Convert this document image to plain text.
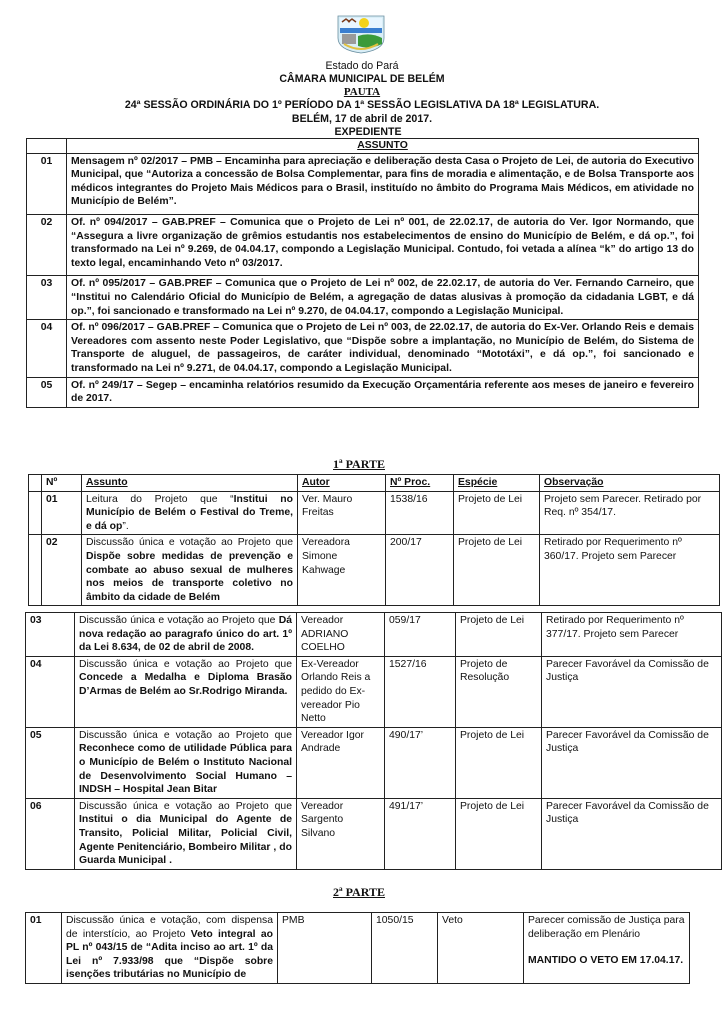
Estado do Pará
CÂMARA MUNICIPAL DE BELÉM
PAUTA
24ª SESSÃO ORDINÁRIA DO 1º PERÍODO DA 1ª SESSÃO LEGISLATIVA DA 18ª LEGISLATURA.
BELÉM, 17 de abril de 2017.
EXPEDIENTE
	ASSUNTO
01	Mensagem nº 02/2017 – PMB – Encaminha para apreciação e deliberação desta Casa o Projeto de Lei, de autoria do Executivo Municipal, que “Autoriza a concessão de Bolsa Complementar, para fins de moradia e alimentação, e de Bolsa Transporte aos médicos integrantes do Projeto Mais Médicos para o Brasil, instituído no âmbito do Programa Mais Médicos, em atividade no Município de Belém”.
02	Of. nº 094/2017 – GAB.PREF – Comunica que o Projeto de Lei nº 001, de 22.02.17, de autoria do Ver. Igor Normando, que “Assegura a livre organização de grêmios estudantis nos estabelecimentos de ensino do Município de Belém, e dá op.”, foi transformado na Lei nº 9.269, de 04.04.17, compondo a Legislação Municipal. Contudo, foi vetada a alínea “k” do artigo 13 do texto legal, encaminhando Veto nº 03/2017.
03	Of. nº 095/2017 – GAB.PREF – Comunica que o Projeto de Lei nº 002, de 22.02.17, de autoria do Ver. Fernando Carneiro, que “Institui no Calendário Oficial do Município de Belém, a agregação de datas alusivas à promoção da cidadania LGBT, e dá op.”, foi sancionado e transformado na Lei nº 9.270, de 04.04.17, compondo a Legislação Municipal.
04	Of. nº 096/2017 – GAB.PREF – Comunica que o Projeto de Lei nº 003, de 22.02.17, de autoria do Ex-Ver. Orlando Reis e demais Vereadores com assento neste Poder Legislativo, que “Dispõe sobre a implantação, no Município de Belém, do Sistema de Transporte de aluguel, de passageiros, de caráter individual, denominado “Mototáxi”, e dá op.”, foi sancionado e transformado na Lei nº 9.271, de 04.04.17, compondo a Legislação Municipal.
05	Of. nº 249/17 – Segep – encaminha relatórios resumido da Execução Orçamentária referente aos meses de janeiro e fevereiro de 2017.
1ª PARTE
	Nº	Assunto	Autor	Nº Proc.	Espécie	Observação
	01	Leitura do Projeto que “Institui no Município de Belém o Festival do Treme, e dá op”.	Ver. Mauro Freitas	1538/16	Projeto de Lei	Projeto sem Parecer. Retirado por Req. nº 354/17.
	02	Discussão única e votação ao Projeto que Dispõe sobre medidas de prevenção e combate ao abuso sexual de mulheres nos meios de transporte coletivo no âmbito da cidade de Belém	Vereadora Simone Kahwage	200/17	Projeto de Lei	Retirado por Requerimento nº 360/17. Projeto sem Parecer
03	Discussão única e votação ao Projeto que Dá nova redação ao paragrafo único do art. 1º da Lei 8.634, de 02 de abril de 2008.	Vereador ADRIANO COELHO	059/17	Projeto de Lei	Retirado por Requerimento nº 377/17. Projeto sem Parecer
04	Discussão única e votação ao Projeto que Concede a Medalha e Diploma Brasão D’Armas de Belém ao Sr.Rodrigo Miranda.	Ex-Vereador Orlando Reis a pedido do Ex-vereador Pio Netto	1527/16	Projeto de Resolução	Parecer Favorável da Comissão de Justiça
05	Discussão única e votação ao Projeto que Reconhece como de utilidade Pública para o Município de Belém o Instituto Nacional de Desenvolvimento Social Humano – INDSH – Hospital Jean Bitar	Vereador Igor Andrade	490/17’	Projeto de Lei	Parecer Favorável da Comissão de Justiça
06	Discussão única e votação ao Projeto que Institui o dia Municipal do Agente de Transito, Policial Militar, Policial Civil, Agente Penitenciário, Bombeiro Militar , do Guarda Municipal .	Vereador Sargento Silvano	491/17’	Projeto de Lei	Parecer Favorável da Comissão de Justiça
2ª PARTE
01	Discussão única e votação, com dispensa de interstício, ao Projeto Veto integral ao PL nº 043/15 de “Adita inciso ao art. 1º da Lei nº 7.933/98 que “Dispõe sobre isenções tributárias no Município de	PMB	1050/15	Veto	Parecer comissão de Justiça para deliberação em Plenário
MANTIDO O VETO EM 17.04.17.
